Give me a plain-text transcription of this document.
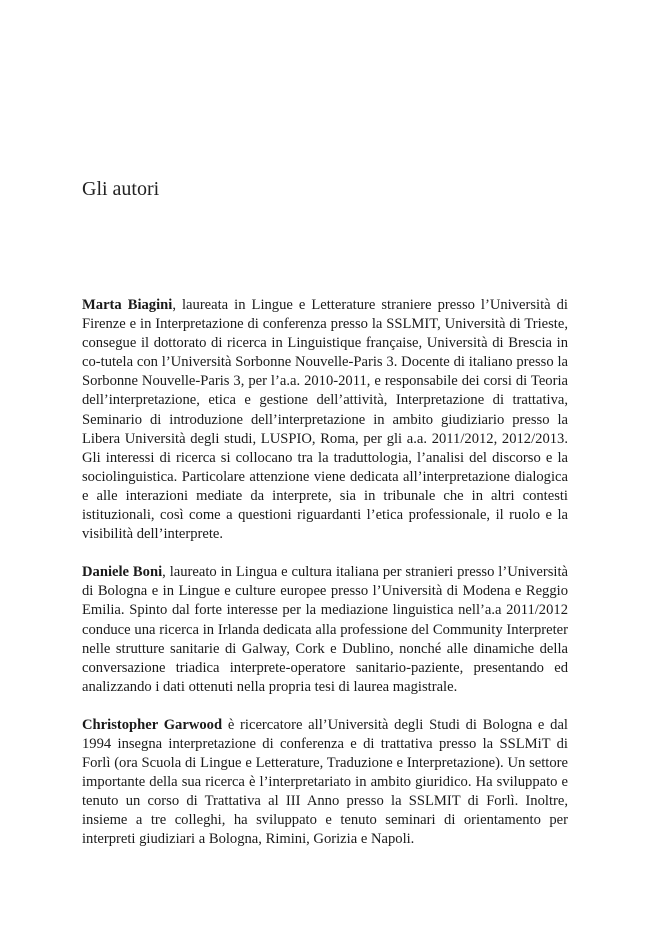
Gli autori

Marta Biagini, laureata in Lingue e Letterature straniere presso l’Università di Firenze e in Interpretazione di conferenza presso la SSLMIT, Università di Trieste, consegue il dottorato di ricerca in Linguistique française, Università di Brescia in co-tutela con l’Università Sorbonne Nouvelle-Paris 3. Docente di italiano presso la Sorbonne Nouvelle-Paris 3, per l’a.a. 2010-2011, e responsabile dei corsi di Teoria dell’interpretazione, etica e gestione dell’attività, Interpretazione di trattativa, Seminario di introduzione dell’interpretazione in ambito giudiziario presso la Libera Università degli studi, LUSPIO, Roma, per gli a.a. 2011/2012, 2012/2013. Gli interessi di ricerca si collocano tra la traduttologia, l’analisi del discorso e la sociolinguistica. Particolare attenzione viene dedicata all’interpretazione dialogica e alle interazioni mediate da interprete, sia in tribunale che in altri contesti istituzionali, così come a questioni riguardanti l’etica professionale, il ruolo e la visibilità dell’interprete.

Daniele Boni, laureato in Lingua e cultura italiana per stranieri presso l’Università di Bologna e in Lingue e culture europee presso l’Università di Modena e Reggio Emilia. Spinto dal forte interesse per la mediazione linguistica nell’a.a 2011/2012 conduce una ricerca in Irlanda dedicata alla professione del Community Interpreter nelle strutture sanitarie di Galway, Cork e Dublino, nonché alle dinamiche della conversazione triadica interprete-operatore sanitario-paziente, presentando ed analizzando i dati ottenuti nella propria tesi di laurea magistrale.

Christopher Garwood è ricercatore all’Università degli Studi di Bologna e dal 1994 insegna interpretazione di conferenza e di trattativa presso la SSLMiT di Forlì (ora Scuola di Lingue e Letterature, Traduzione e Interpretazione). Un settore importante della sua ricerca è l’interpretariato in ambito giuridico. Ha sviluppato e tenuto un corso di Trattativa al III Anno presso la SSLMIT di Forlì. Inoltre, insieme a tre colleghi, ha sviluppato e tenuto seminari di orientamento per interpreti giudiziari a Bologna, Rimini, Gorizia e Napoli.
